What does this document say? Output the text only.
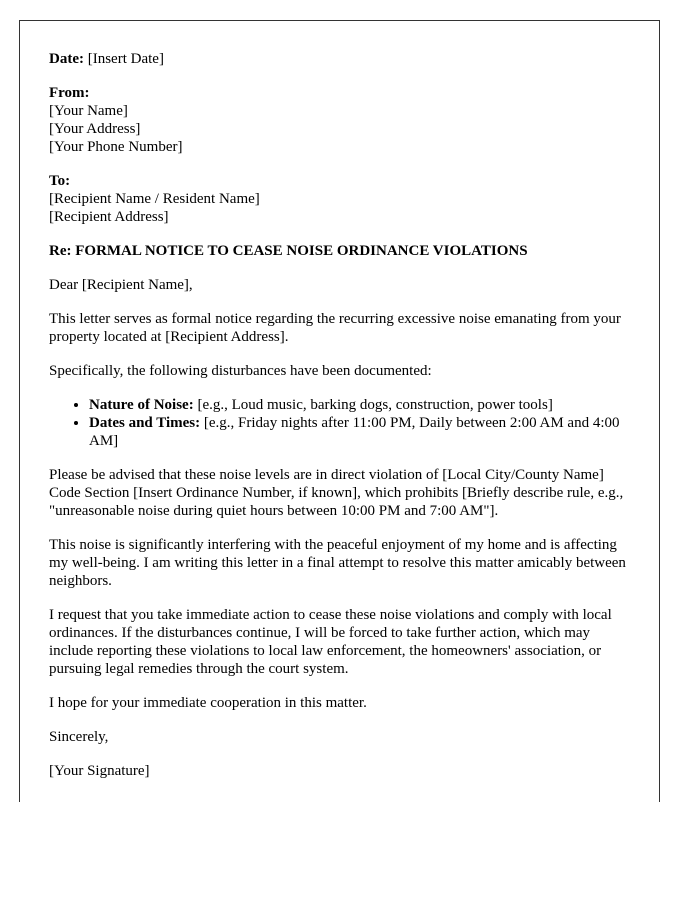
Date: [Insert Date]
From:
[Your Name]
[Your Address]
[Your Phone Number]
To:
[Recipient Name / Resident Name]
[Recipient Address]
Re: FORMAL NOTICE TO CEASE NOISE ORDINANCE VIOLATIONS

Dear [Recipient Name],

This letter serves as formal notice regarding the recurring excessive noise emanating from your property located at [Recipient Address].

Specifically, the following disturbances have been documented:

• Nature of Noise: [e.g., Loud music, barking dogs, construction, power tools]
• Dates and Times: [e.g., Friday nights after 11:00 PM, Daily between 2:00 AM and 4:00 AM]

Please be advised that these noise levels are in direct violation of [Local City/County Name] Code Section [Insert Ordinance Number, if known], which prohibits [Briefly describe rule, e.g., "unreasonable noise during quiet hours between 10:00 PM and 7:00 AM"].

This noise is significantly interfering with the peaceful enjoyment of my home and is affecting my well-being. I am writing this letter in a final attempt to resolve this matter amicably between neighbors.

I request that you take immediate action to cease these noise violations and comply with local ordinances. If the disturbances continue, I will be forced to take further action, which may include reporting these violations to local law enforcement, the homeowners' association, or pursuing legal remedies through the court system.

I hope for your immediate cooperation in this matter.

Sincerely,

[Your Signature]
